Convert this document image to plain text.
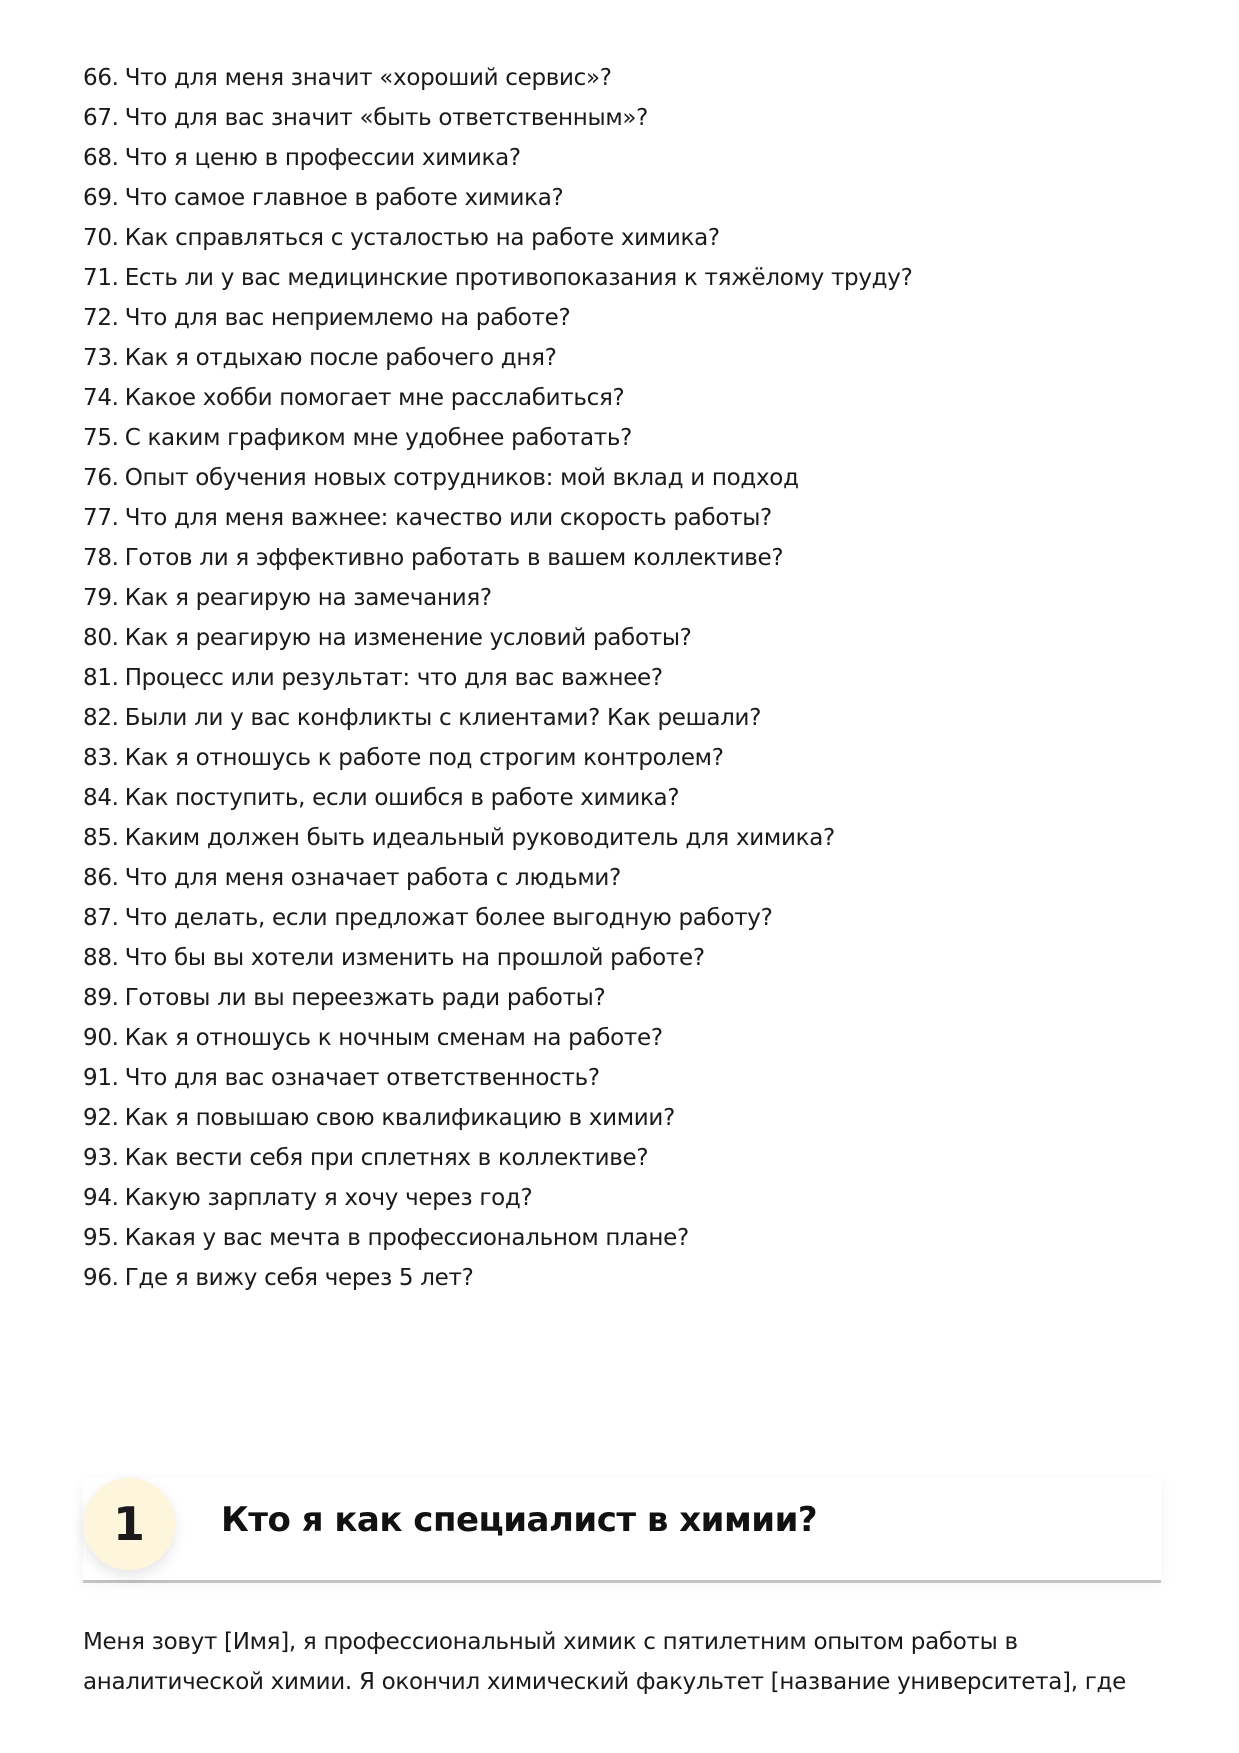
66. Что для меня значит «хороший сервис»?
67. Что для вас значит «быть ответственным»?
68. Что я ценю в профессии химика?
69. Что самое главное в работе химика?
70. Как справляться с усталостью на работе химика?
71. Есть ли у вас медицинские противопоказания к тяжёлому труду?
72. Что для вас неприемлемо на работе?
73. Как я отдыхаю после рабочего дня?
74. Какое хобби помогает мне расслабиться?
75. С каким графиком мне удобнее работать?
76. Опыт обучения новых сотрудников: мой вклад и подход
77. Что для меня важнее: качество или скорость работы?
78. Готов ли я эффективно работать в вашем коллективе?
79. Как я реагирую на замечания?
80. Как я реагирую на изменение условий работы?
81. Процесс или результат: что для вас важнее?
82. Были ли у вас конфликты с клиентами? Как решали?
83. Как я отношусь к работе под строгим контролем?
84. Как поступить, если ошибся в работе химика?
85. Каким должен быть идеальный руководитель для химика?
86. Что для меня означает работа с людьми?
87. Что делать, если предложат более выгодную работу?
88. Что бы вы хотели изменить на прошлой работе?
89. Готовы ли вы переезжать ради работы?
90. Как я отношусь к ночным сменам на работе?
91. Что для вас означает ответственность?
92. Как я повышаю свою квалификацию в химии?
93. Как вести себя при сплетнях в коллективе?
94. Какую зарплату я хочу через год?
95. Какая у вас мечта в профессиональном плане?
96. Где я вижу себя через 5 лет?
1	Кто я как специалист в химии?

Меня зовут [Имя], я профессиональный химик с пятилетним опытом работы в
аналитической химии. Я окончил химический факультет [название университета], где
